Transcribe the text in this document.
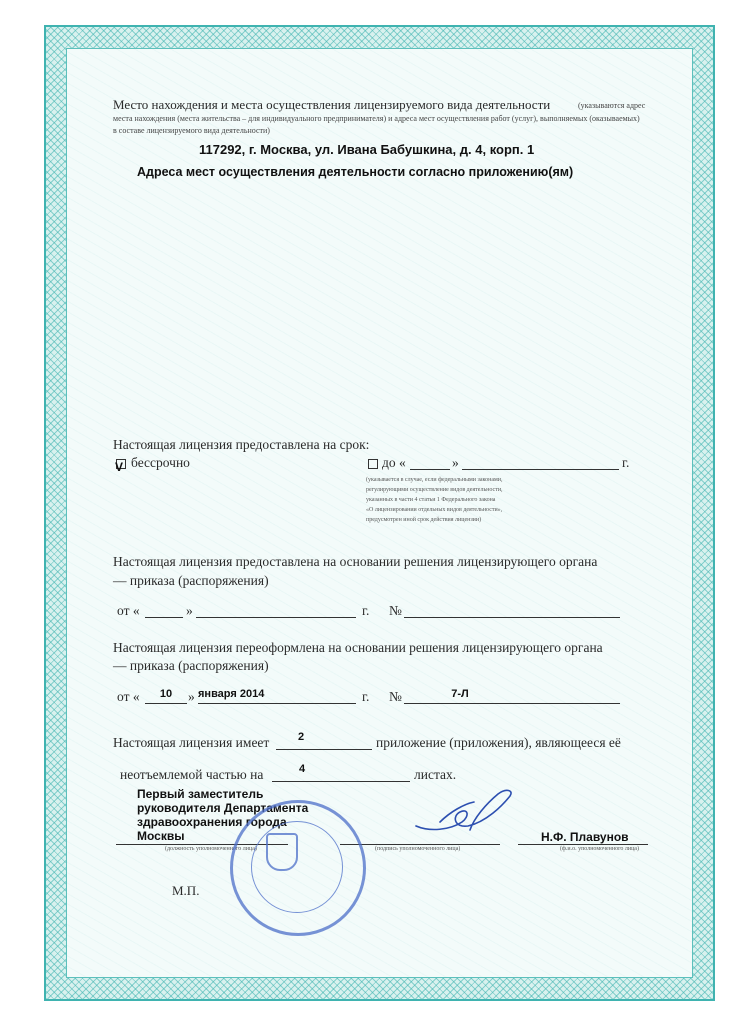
Место нахождения и места осуществления лицензируемого вида деятельности	(указываются адрес
места нахождения (места жительства – для индивидуального предпринимателя) и адреса мест осуществления работ (услуг), выполняемых (оказываемых)
в составе лицензируемого вида деятельности)
117292, г. Москва, ул. Ивана Бабушкина, д. 4, корп. 1
Адреса мест осуществления деятельности согласно приложению(ям)
Настоящая лицензия предоставлена на срок:
V бессрочно	до «	»	г.
(указывается в случае, если федеральными законами,
регулирующими осуществление видов деятельности,
указанных в части 4 статьи 1 Федерального закона
«О лицензировании отдельных видов деятельности»,
предусмотрен иной срок действия лицензии)
Настоящая лицензия предоставлена на основании решения лицензирующего органа
— приказа (распоряжения)
от «	»	г. №
Настоящая лицензия переоформлена на основании решения лицензирующего органа
— приказа (распоряжения)
от «	10	» января 2014	г. №	7-Л
Настоящая лицензия имеет	2	приложение (приложения), являющееся её
неотъемлемой частью на	4	листах.
Первый заместитель
руководителя Департамента
здравоохранения города
Москвы
(должность уполномоченного лица)	(подпись уполномоченного лица)	(ф.и.о. уполномоченного лица)
Н.Ф. Плавунов
М.П.
